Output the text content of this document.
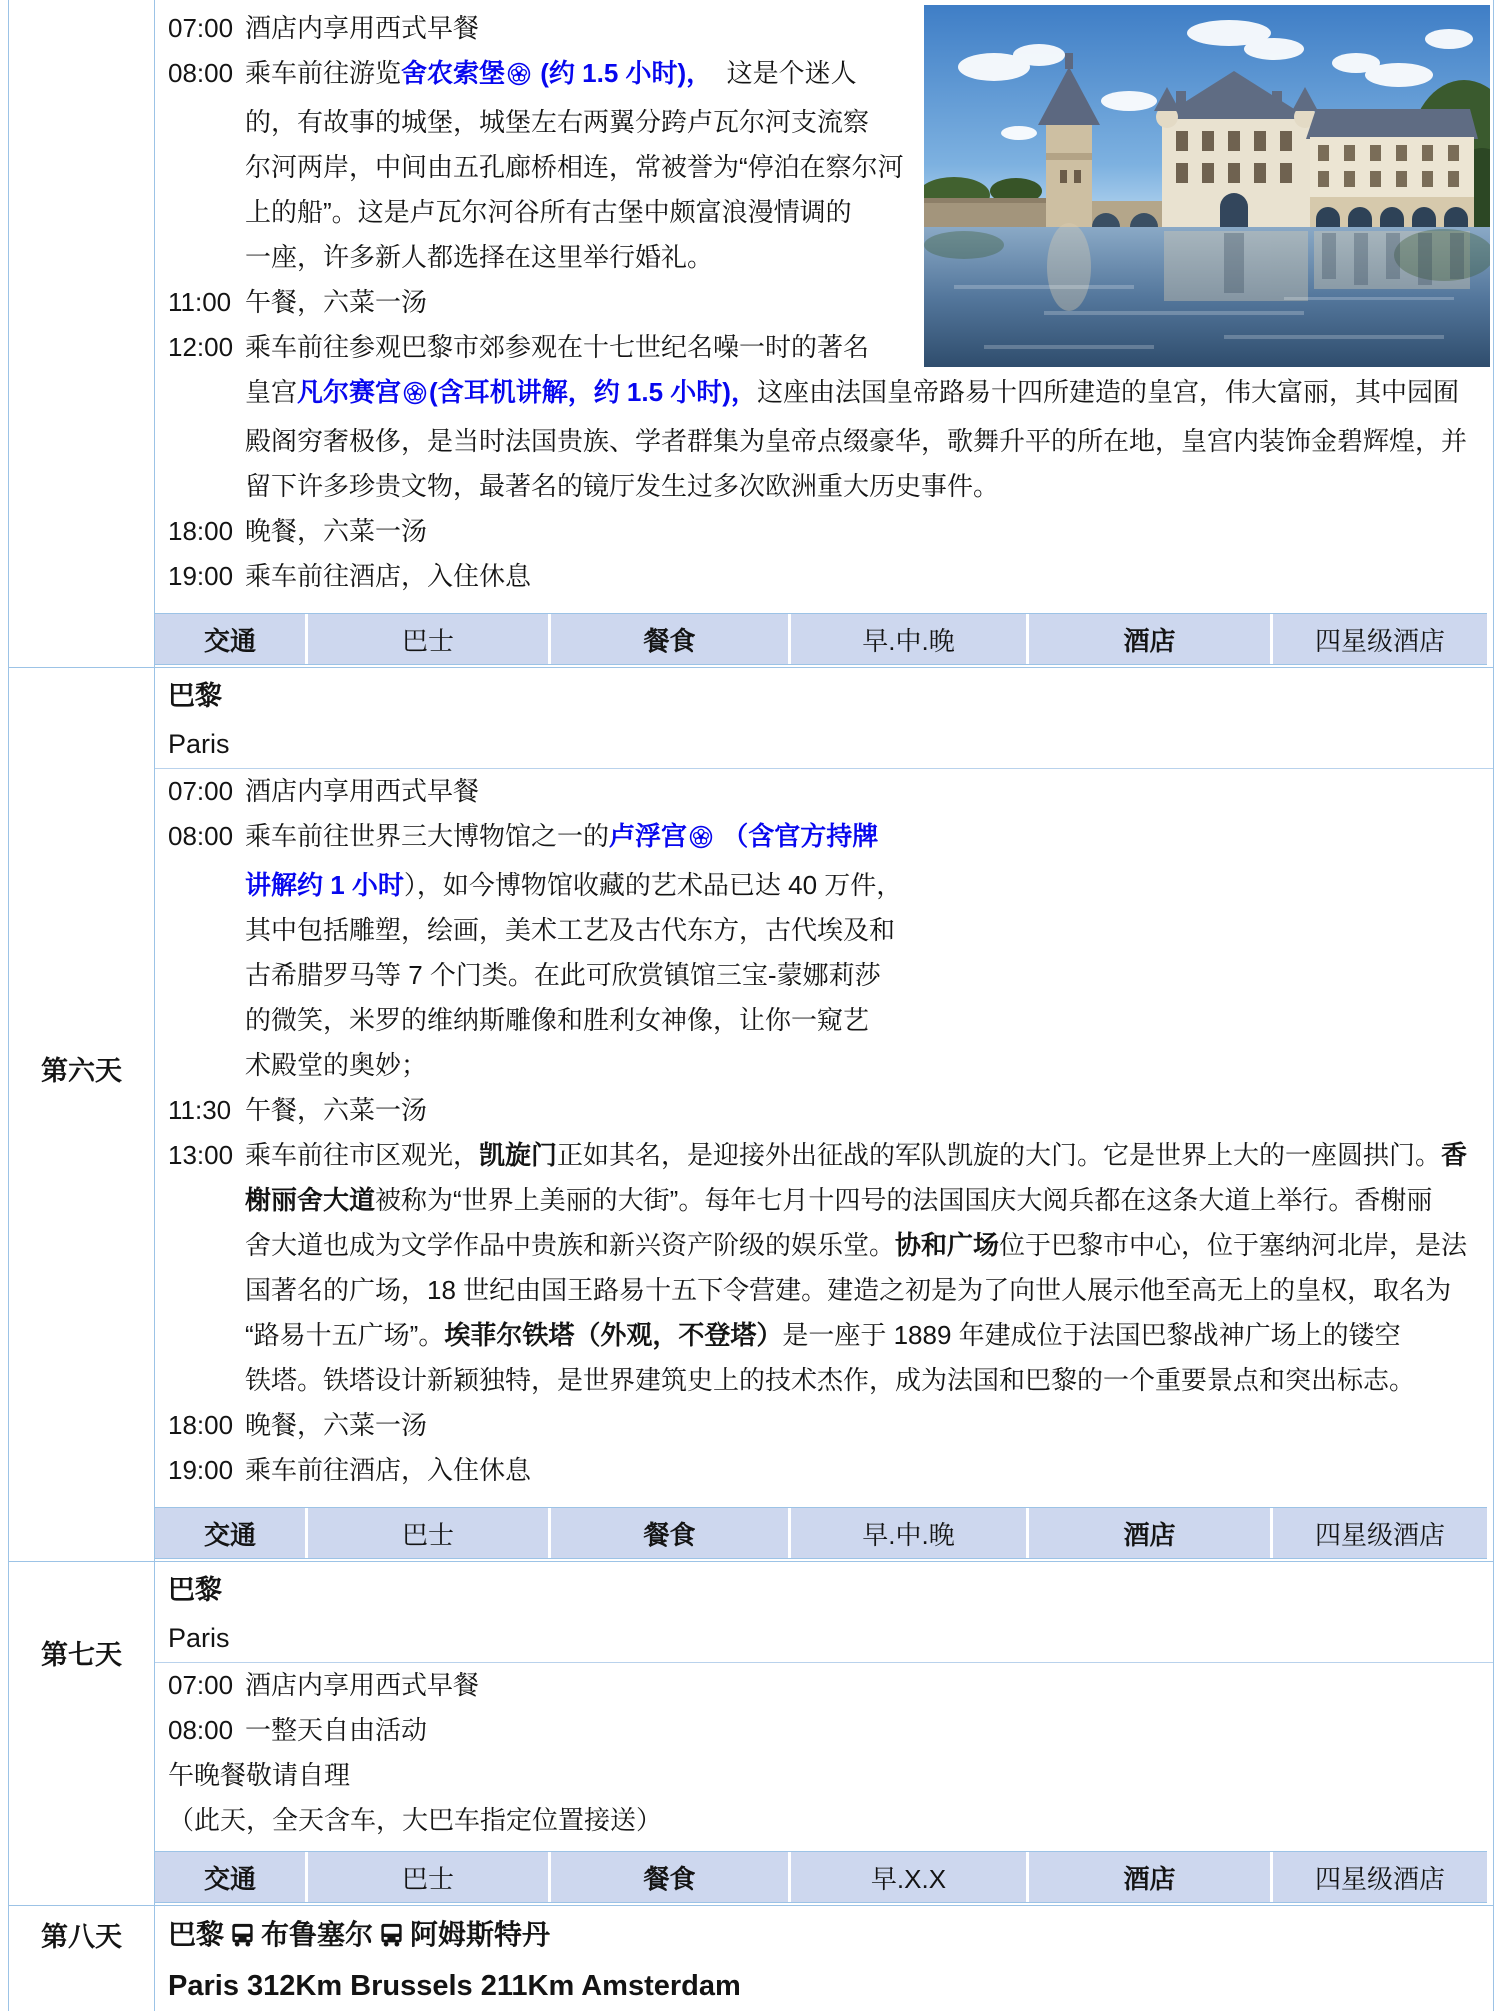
07:00 酒店内享用西式早餐
08:00 乘车前往游览舍农索堡 (约 1.5 小时)，  这是个迷人
的，有故事的城堡，城堡左右两翼分跨卢瓦尔河支流察
尔河两岸，中间由五孔廊桥相连，常被誉为“停泊在察尔河
上的船”。这是卢瓦尔河谷所有古堡中颇富浪漫情调的
一座，许多新人都选择在这里举行婚礼。
11:00 午餐，六菜一汤
12:00 乘车前往参观巴黎市郊参观在十七世纪名噪一时的著名
皇宫凡尔赛宫 (含耳机讲解，约 1.5 小时)，这座由法国皇帝路易十四所建造的皇宫，伟大富丽，其中园囿
殿阁穷奢极侈，是当时法国贵族、学者群集为皇帝点缀豪华，歌舞升平的所在地，皇宫内装饰金碧辉煌，并
留下许多珍贵文物，最著名的镜厅发生过多次欧洲重大历史事件。
18:00 晚餐，六菜一汤
19:00 乘车前往酒店，入住休息
交通	巴士	餐食	早.中.晚	酒店	四星级酒店
第六天
巴黎
Paris
07:00 酒店内享用西式早餐
08:00 乘车前往世界三大博物馆之一的卢浮宫 （含官方持牌
讲解约 1 小时），如今博物馆收藏的艺术品已达 40 万件，
其中包括雕塑，绘画，美术工艺及古代东方，古代埃及和
古希腊罗马等 7 个门类。在此可欣赏镇馆三宝-蒙娜莉莎
的微笑，米罗的维纳斯雕像和胜利女神像，让你一窥艺
术殿堂的奥妙；
11:30 午餐，六菜一汤
13:00 乘车前往市区观光，凯旋门正如其名，是迎接外出征战的军队凯旋的大门。它是世界上大的一座圆拱门。香
榭丽舍大道被称为“世界上美丽的大街”。每年七月十四号的法国国庆大阅兵都在这条大道上举行。香榭丽
舍大道也成为文学作品中贵族和新兴资产阶级的娱乐堂。协和广场位于巴黎市中心，位于塞纳河北岸，是法
国著名的广场，18 世纪由国王路易十五下令营建。建造之初是为了向世人展示他至高无上的皇权，取名为
“路易十五广场”。埃菲尔铁塔（外观，不登塔）是一座于 1889 年建成位于法国巴黎战神广场上的镂空
铁塔。铁塔设计新颖独特，是世界建筑史上的技术杰作，成为法国和巴黎的一个重要景点和突出标志。
18:00 晚餐，六菜一汤
19:00 乘车前往酒店，入住休息
交通	巴士	餐食	早.中.晚	酒店	四星级酒店
第七天
巴黎
Paris
07:00 酒店内享用西式早餐
08:00 一整天自由活动
午晚餐敬请自理
（此天，全天含车，大巴车指定位置接送）
交通	巴士	餐食	早.X.X	酒店	四星级酒店
第八天	巴黎 布鲁塞尔 阿姆斯特丹
Paris 312Km Brussels 211Km Amsterdam
